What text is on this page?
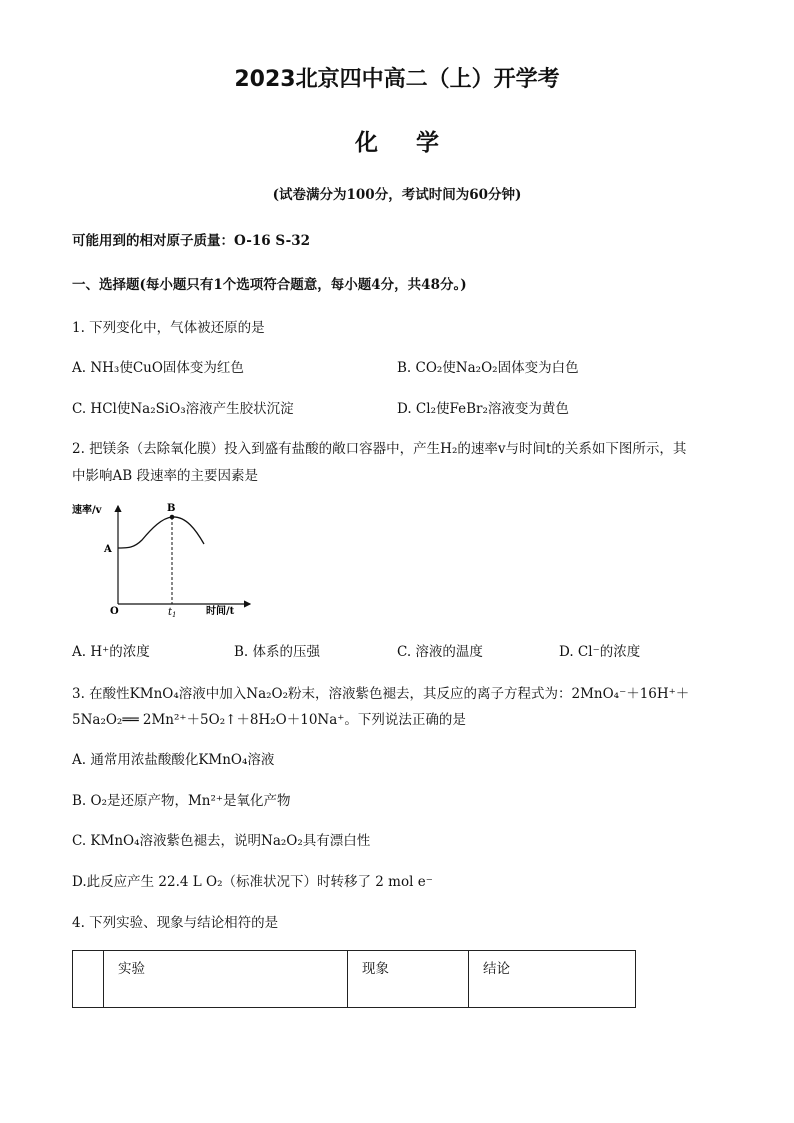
2023北京四中高二（上）开学考
化学
(试卷满分为100分，考试时间为60分钟)
可能用到的相对原子质量：O-16 S-32
一、选择题(每小题只有1个选项符合题意，每小题4分，共48分。)
1. 下列变化中，气体被还原的是
A. NH₃使CuO固体变为红色	B. CO₂使Na₂O₂固体变为白色
C. HCl使Na₂SiO₃溶液产生胶状沉淀	D. Cl₂使FeBr₂溶液变为黄色
2. 把镁条（去除氧化膜）投入到盛有盐酸的敞口容器中，产生H₂的速率v与时间t的关系如下图所示，其
中影响AB 段速率的主要因素是
速率/v
A
B
O	$t_1$	时间/t
A. H⁺的浓度	B. 体系的压强	C. 溶液的温度	D. Cl⁻的浓度
3. 在酸性KMnO₄溶液中加入Na₂O₂粉末，溶液紫色褪去，其反应的离子方程式为：2MnO₄⁻＋16H⁺＋
5Na₂O₂══ 2Mn²⁺＋5O₂↑＋8H₂O＋10Na⁺。下列说法正确的是
A. 通常用浓盐酸酸化KMnO₄溶液
B. O₂是还原产物，Mn²⁺是氧化产物
C. KMnO₄溶液紫色褪去，说明Na₂O₂具有漂白性
D.此反应产生 22.4 L O₂（标准状况下）时转移了 2 mol e⁻
4. 下列实验、现象与结论相符的是
	实验	现象	结论
